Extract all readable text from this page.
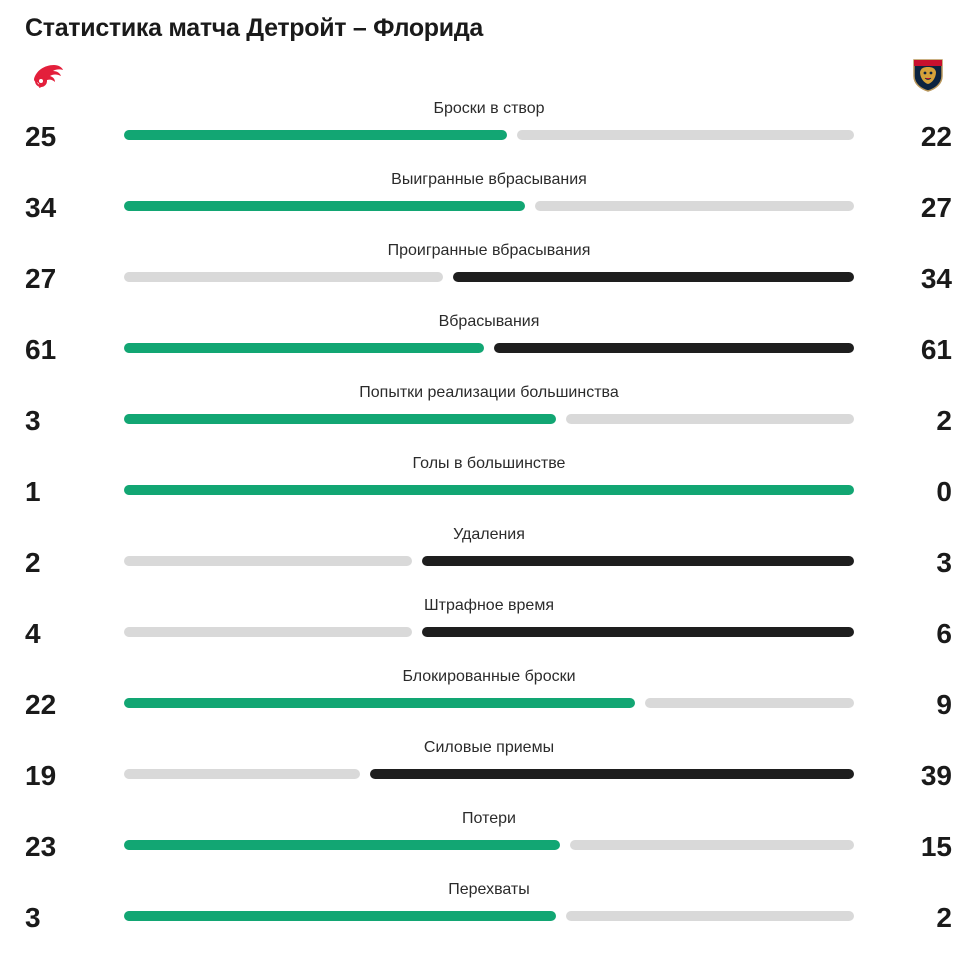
Статистика матча Детройт – Флорида
Броски в створ
25	22
Выигранные вбрасывания
34	27
Проигранные вбрасывания
27	34
Вбрасывания
61	61
Попытки реализации большинства
3	2
Голы в большинстве
1	0
Удаления
2	3
Штрафное время
4	6
Блокированные броски
22	9
Силовые приемы
19	39
Потери
23	15
Перехваты
3	2
